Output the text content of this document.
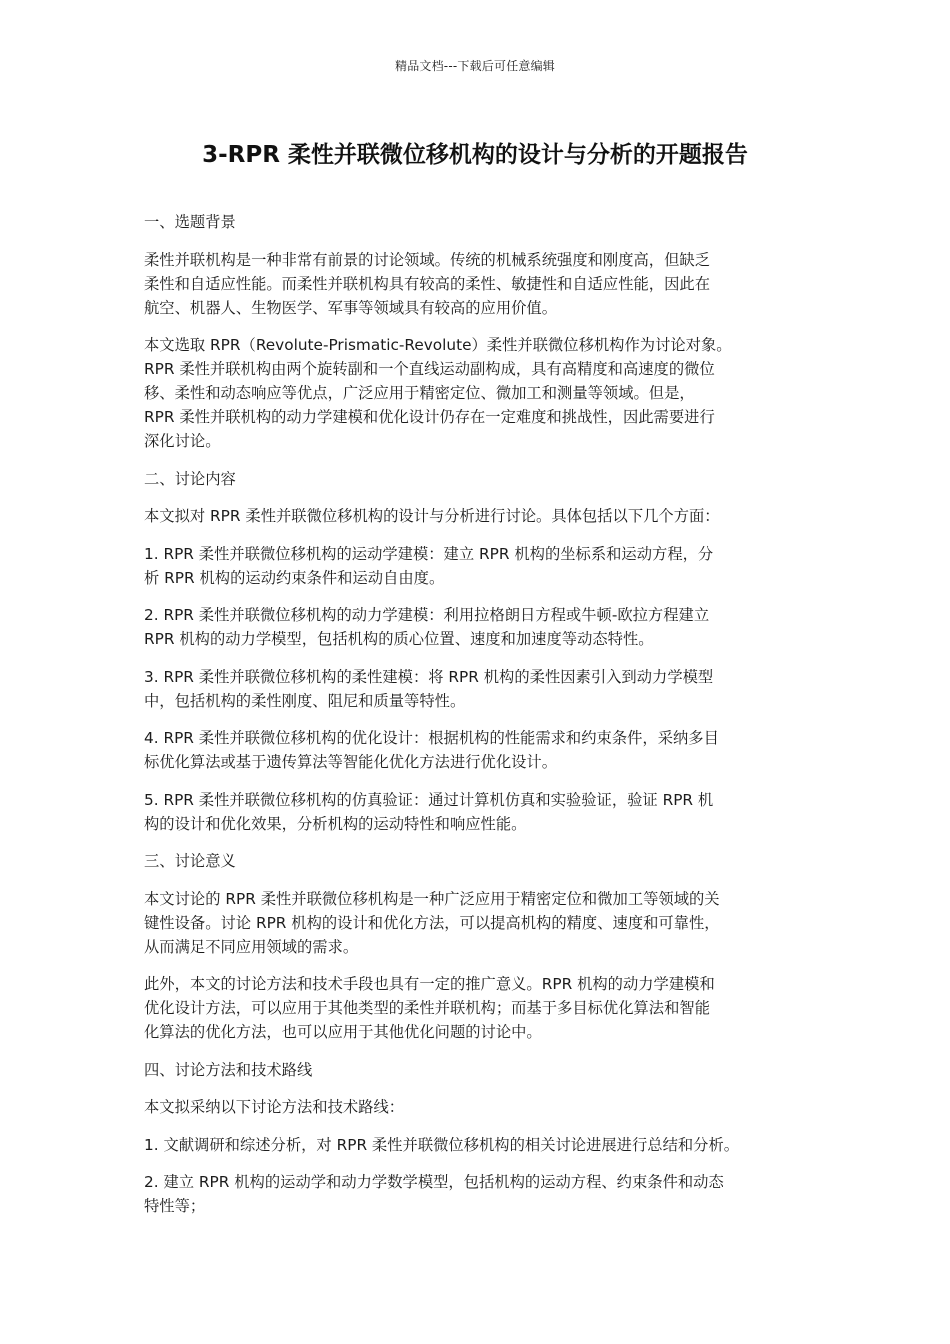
精品文档---下载后可任意编辑
3-RPR 柔性并联微位移机构的设计与分析的开题报告
一、选题背景

柔性并联机构是一种非常有前景的讨论领域。传统的机械系统强度和刚度高，但缺乏
柔性和自适应性能。而柔性并联机构具有较高的柔性、敏捷性和自适应性能，因此在
航空、机器人、生物医学、军事等领域具有较高的应用价值。

本文选取 RPR（Revolute-Prismatic-Revolute）柔性并联微位移机构作为讨论对象。
RPR 柔性并联机构由两个旋转副和一个直线运动副构成，具有高精度和高速度的微位
移、柔性和动态响应等优点，广泛应用于精密定位、微加工和测量等领域。但是，
RPR 柔性并联机构的动力学建模和优化设计仍存在一定难度和挑战性，因此需要进行
深化讨论。

二、讨论内容

本文拟对 RPR 柔性并联微位移机构的设计与分析进行讨论。具体包括以下几个方面：

1. RPR 柔性并联微位移机构的运动学建模：建立 RPR 机构的坐标系和运动方程，分
析 RPR 机构的运动约束条件和运动自由度。

2. RPR 柔性并联微位移机构的动力学建模：利用拉格朗日方程或牛顿-欧拉方程建立
RPR 机构的动力学模型，包括机构的质心位置、速度和加速度等动态特性。

3. RPR 柔性并联微位移机构的柔性建模：将 RPR 机构的柔性因素引入到动力学模型
中，包括机构的柔性刚度、阻尼和质量等特性。

4. RPR 柔性并联微位移机构的优化设计：根据机构的性能需求和约束条件，采纳多目
标优化算法或基于遗传算法等智能化优化方法进行优化设计。

5. RPR 柔性并联微位移机构的仿真验证：通过计算机仿真和实验验证，验证 RPR 机
构的设计和优化效果，分析机构的运动特性和响应性能。

三、讨论意义

本文讨论的 RPR 柔性并联微位移机构是一种广泛应用于精密定位和微加工等领域的关
键性设备。讨论 RPR 机构的设计和优化方法，可以提高机构的精度、速度和可靠性，
从而满足不同应用领域的需求。

此外，本文的讨论方法和技术手段也具有一定的推广意义。RPR 机构的动力学建模和
优化设计方法，可以应用于其他类型的柔性并联机构；而基于多目标优化算法和智能
化算法的优化方法，也可以应用于其他优化问题的讨论中。

四、讨论方法和技术路线

本文拟采纳以下讨论方法和技术路线：

1. 文献调研和综述分析，对 RPR 柔性并联微位移机构的相关讨论进展进行总结和分析。

2. 建立 RPR 机构的运动学和动力学数学模型，包括机构的运动方程、约束条件和动态
特性等；
